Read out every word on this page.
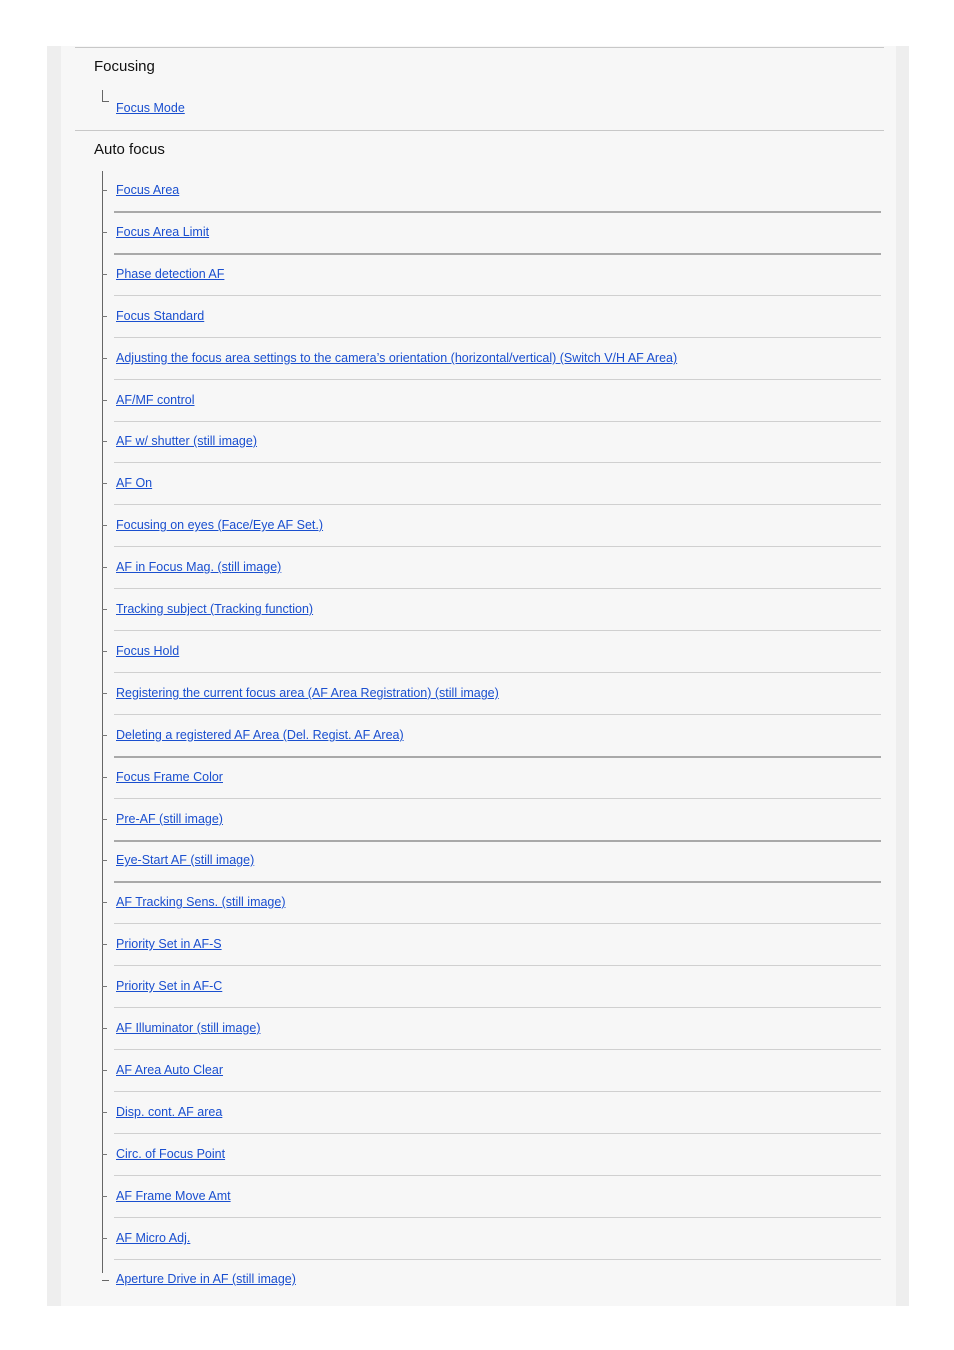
Focusing
Focus Mode
Auto focus
Focus Area
Focus Area Limit
Phase detection AF
Focus Standard
Adjusting the focus area settings to the camera’s orientation (horizontal/vertical) (Switch V/H AF Area)
AF/MF control
AF w/ shutter (still image)
AF On
Focusing on eyes (Face/Eye AF Set.)
AF in Focus Mag. (still image)
Tracking subject (Tracking function)
Focus Hold
Registering the current focus area (AF Area Registration) (still image)
Deleting a registered AF Area (Del. Regist. AF Area)
Focus Frame Color
Pre-AF (still image)
Eye-Start AF (still image)
AF Tracking Sens. (still image)
Priority Set in AF-S
Priority Set in AF-C
AF Illuminator (still image)
AF Area Auto Clear
Disp. cont. AF area
Circ. of Focus Point
AF Frame Move Amt
AF Micro Adj.
Aperture Drive in AF (still image)
